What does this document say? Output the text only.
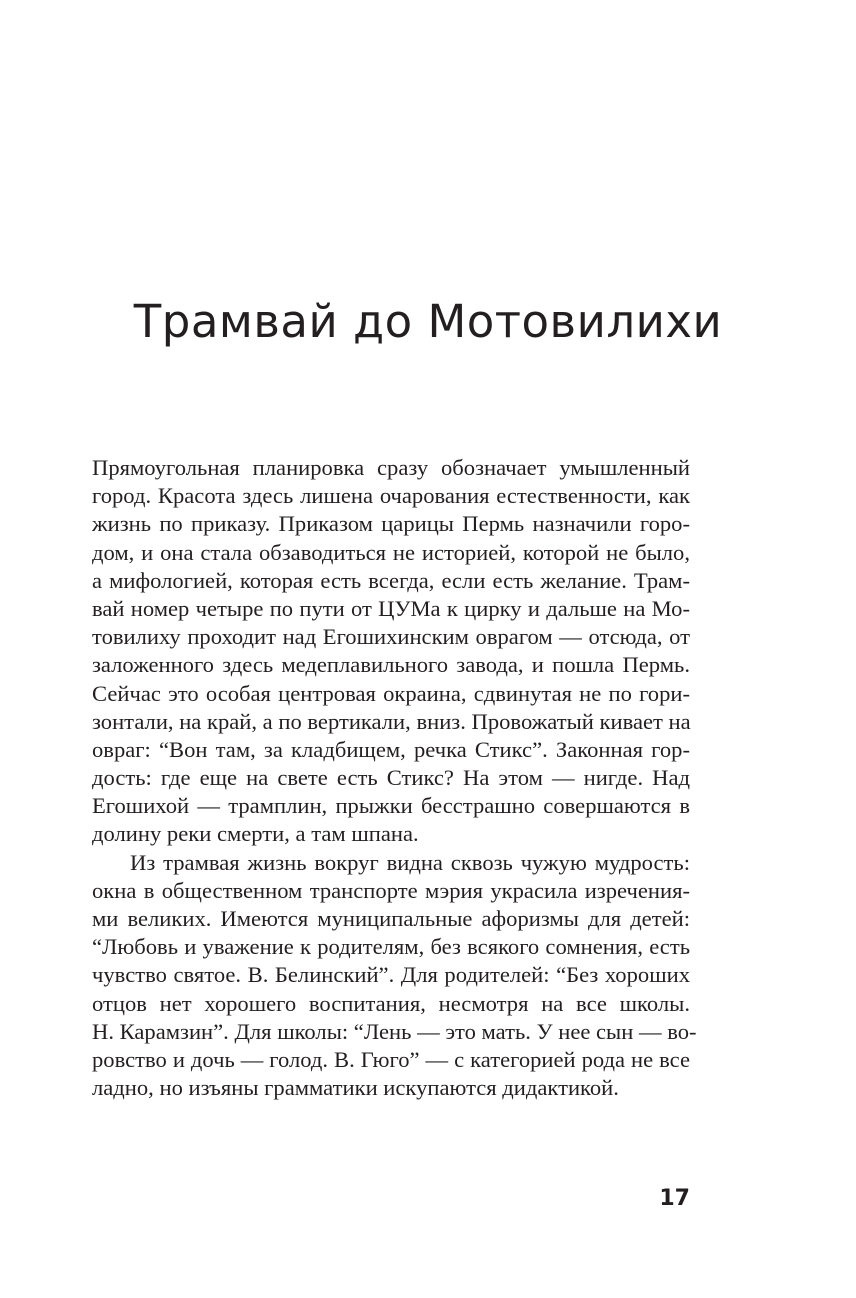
Трамвай до Мотовилихи
Прямоугольная планировка сразу обозначает умышленный
город. Красота здесь лишена очарования естественности, как
жизнь по приказу. Приказом царицы Пермь назначили горо-
дом, и она стала обзаводиться не историей, которой не было,
а мифологией, которая есть всегда, если есть желание. Трам-
вай номер четыре по пути от ЦУМа к цирку и дальше на Мо-
товилиху проходит над Егошихинским оврагом — отсюда, от
заложенного здесь медеплавильного завода, и пошла Пермь.
Сейчас это особая центровая окраина, сдвинутая не по гори-
зонтали, на край, а по вертикали, вниз. Провожатый кивает на
овраг: “Вон там, за кладбищем, речка Стикс”. Законная гор-
дость: где еще на свете есть Стикс? На этом — нигде. Над
Егошихой — трамплин, прыжки бесстрашно совершаются в
долину реки смерти, а там шпана.
Из трамвая жизнь вокруг видна сквозь чужую мудрость:
окна в общественном транспорте мэрия украсила изречения-
ми великих. Имеются муниципальные афоризмы для детей:
“Любовь и уважение к родителям, без всякого сомнения, есть
чувство святое. В. Белинский”. Для родителей: “Без хороших
отцов нет хорошего воспитания, несмотря на все школы.
Н. Карамзин”. Для школы: “Лень — это мать. У нее сын — во-
ровство и дочь — голод. В. Гюго” — с категорией рода не все
ладно, но изъяны грамматики искупаются дидактикой.
17
